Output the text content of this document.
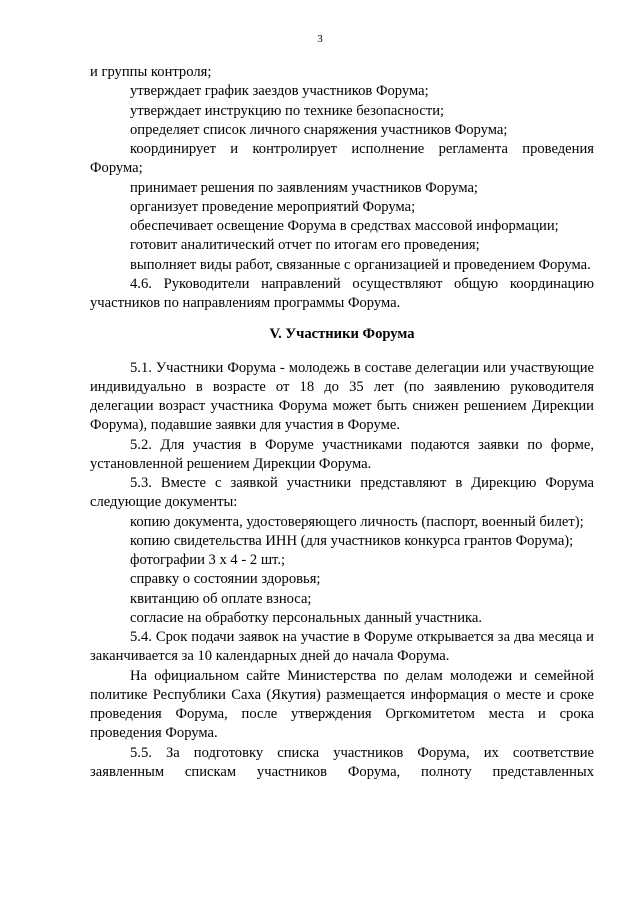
3

и группы контроля;

утверждает график заездов участников Форума;

утверждает инструкцию по технике безопасности;

определяет список личного снаряжения участников Форума;

координирует и контролирует исполнение регламента проведения Форума;

принимает решения по заявлениям участников Форума;

организует проведение мероприятий Форума;

обеспечивает освещение Форума в средствах массовой информации;

готовит аналитический отчет по итогам его проведения;

выполняет виды работ, связанные с организацией и проведением Форума.

4.6. Руководители направлений осуществляют общую координацию участников по направлениям программы Форума.

V. Участники Форума

5.1. Участники Форума - молодежь в составе делегации или участвующие индивидуально в возрасте от 18 до 35 лет (по заявлению руководителя делегации возраст участника Форума может быть снижен решением Дирекции Форума), подавшие заявки для участия в Форуме.

5.2. Для участия в Форуме участниками подаются заявки по форме, установленной решением Дирекции Форума.

5.3. Вместе с заявкой участники представляют в Дирекцию Форума следующие документы:

копию документа, удостоверяющего личность (паспорт, военный билет);

копию свидетельства ИНН (для участников конкурса грантов Форума);

фотографии 3 х 4 - 2 шт.;

справку о состоянии здоровья;

квитанцию об оплате взноса;

согласие на обработку персональных данный участника.

5.4. Срок подачи заявок на участие в Форуме открывается за два месяца и заканчивается за 10 календарных дней до начала Форума.

На официальном сайте Министерства по делам молодежи и семейной политике Республики Саха (Якутия) размещается информация о месте и сроке проведения Форума, после утверждения Оргкомитетом места и срока проведения Форума.

5.5. За подготовку списка участников Форума, их соответствие заявленным спискам участников Форума, полноту представленных
